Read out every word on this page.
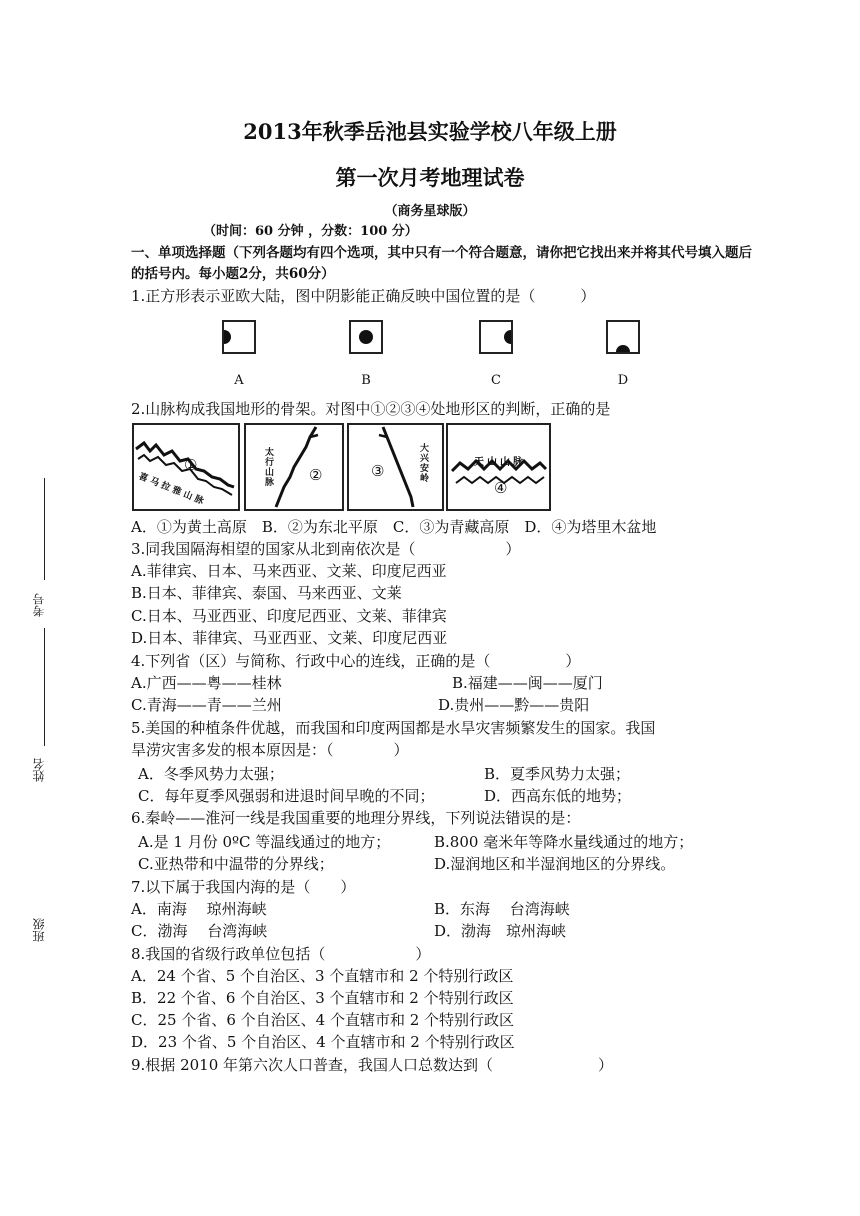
考号
姓名
班级
2013年秋季岳池县实验学校八年级上册
第一次月考地理试卷
（商务星球版）
（时间：60 分钟 ，分数：100 分）
一、单项选择题（下列各题均有四个选项，其中只有一个符合题意，请你把它找出来并将其代号填入题后
的括号内。每小题2分，共60分）
1.正方形表示亚欧大陆，图中阴影能正确反映中国位置的是（　　　）
A	B	C	D
2.山脉构成我国地形的骨架。对图中①②③④处地形区的判断，正确的是
①
喜马拉雅山脉
太行山脉 ②	③	大兴安岭	天山山脉
④
A．①为黄土高原　B．②为东北平原　C．③为青藏高原　D．④为塔里木盆地
3.同我国隔海相望的国家从北到南依次是（　　　　　　）
A.菲律宾、日本、马来西亚、文莱、印度尼西亚
B.日本、菲律宾、泰国、马来西亚、文莱
C.日本、马亚西亚、印度尼西亚、文莱、菲律宾
D.日本、菲律宾、马亚西亚、文莱、印度尼西亚
4.下列省（区）与简称、行政中心的连线，正确的是（　　　　　）
A.广西——粤——桂林	B.福建——闽——厦门
C.青海——青——兰州	D.贵州——黔——贵阳
5.美国的种植条件优越，而我国和印度两国都是水旱灾害频繁发生的国家。我国
旱涝灾害多发的根本原因是：（　　　　）
A．冬季风势力太强；	B．夏季风势力太强；
C．每年夏季风强弱和进退时间早晚的不同；	D．西高东低的地势；
6.秦岭——淮河一线是我国重要的地理分界线，下列说法错误的是：
A.是 1 月份 0ºC 等温线通过的地方；	B.800 毫米年等降水量线通过的地方；
C.亚热带和中温带的分界线；	D.湿润地区和半湿润地区的分界线。
7.以下属于我国内海的是（　　）
A．南海　 琼州海峡	B．东海　 台湾海峡
C．渤海　 台湾海峡	D．渤海　琼州海峡
8.我国的省级行政单位包括（　　　　　　）
A．24 个省、5 个自治区、3 个直辖市和 2 个特别行政区
B．22 个省、6 个自治区、3 个直辖市和 2 个特别行政区
C．25 个省、6 个自治区、4 个直辖市和 2 个特别行政区
D．23 个省、5 个自治区、4 个直辖市和 2 个特别行政区
9.根据 2010 年第六次人口普查，我国人口总数达到（　　　　　　　）
